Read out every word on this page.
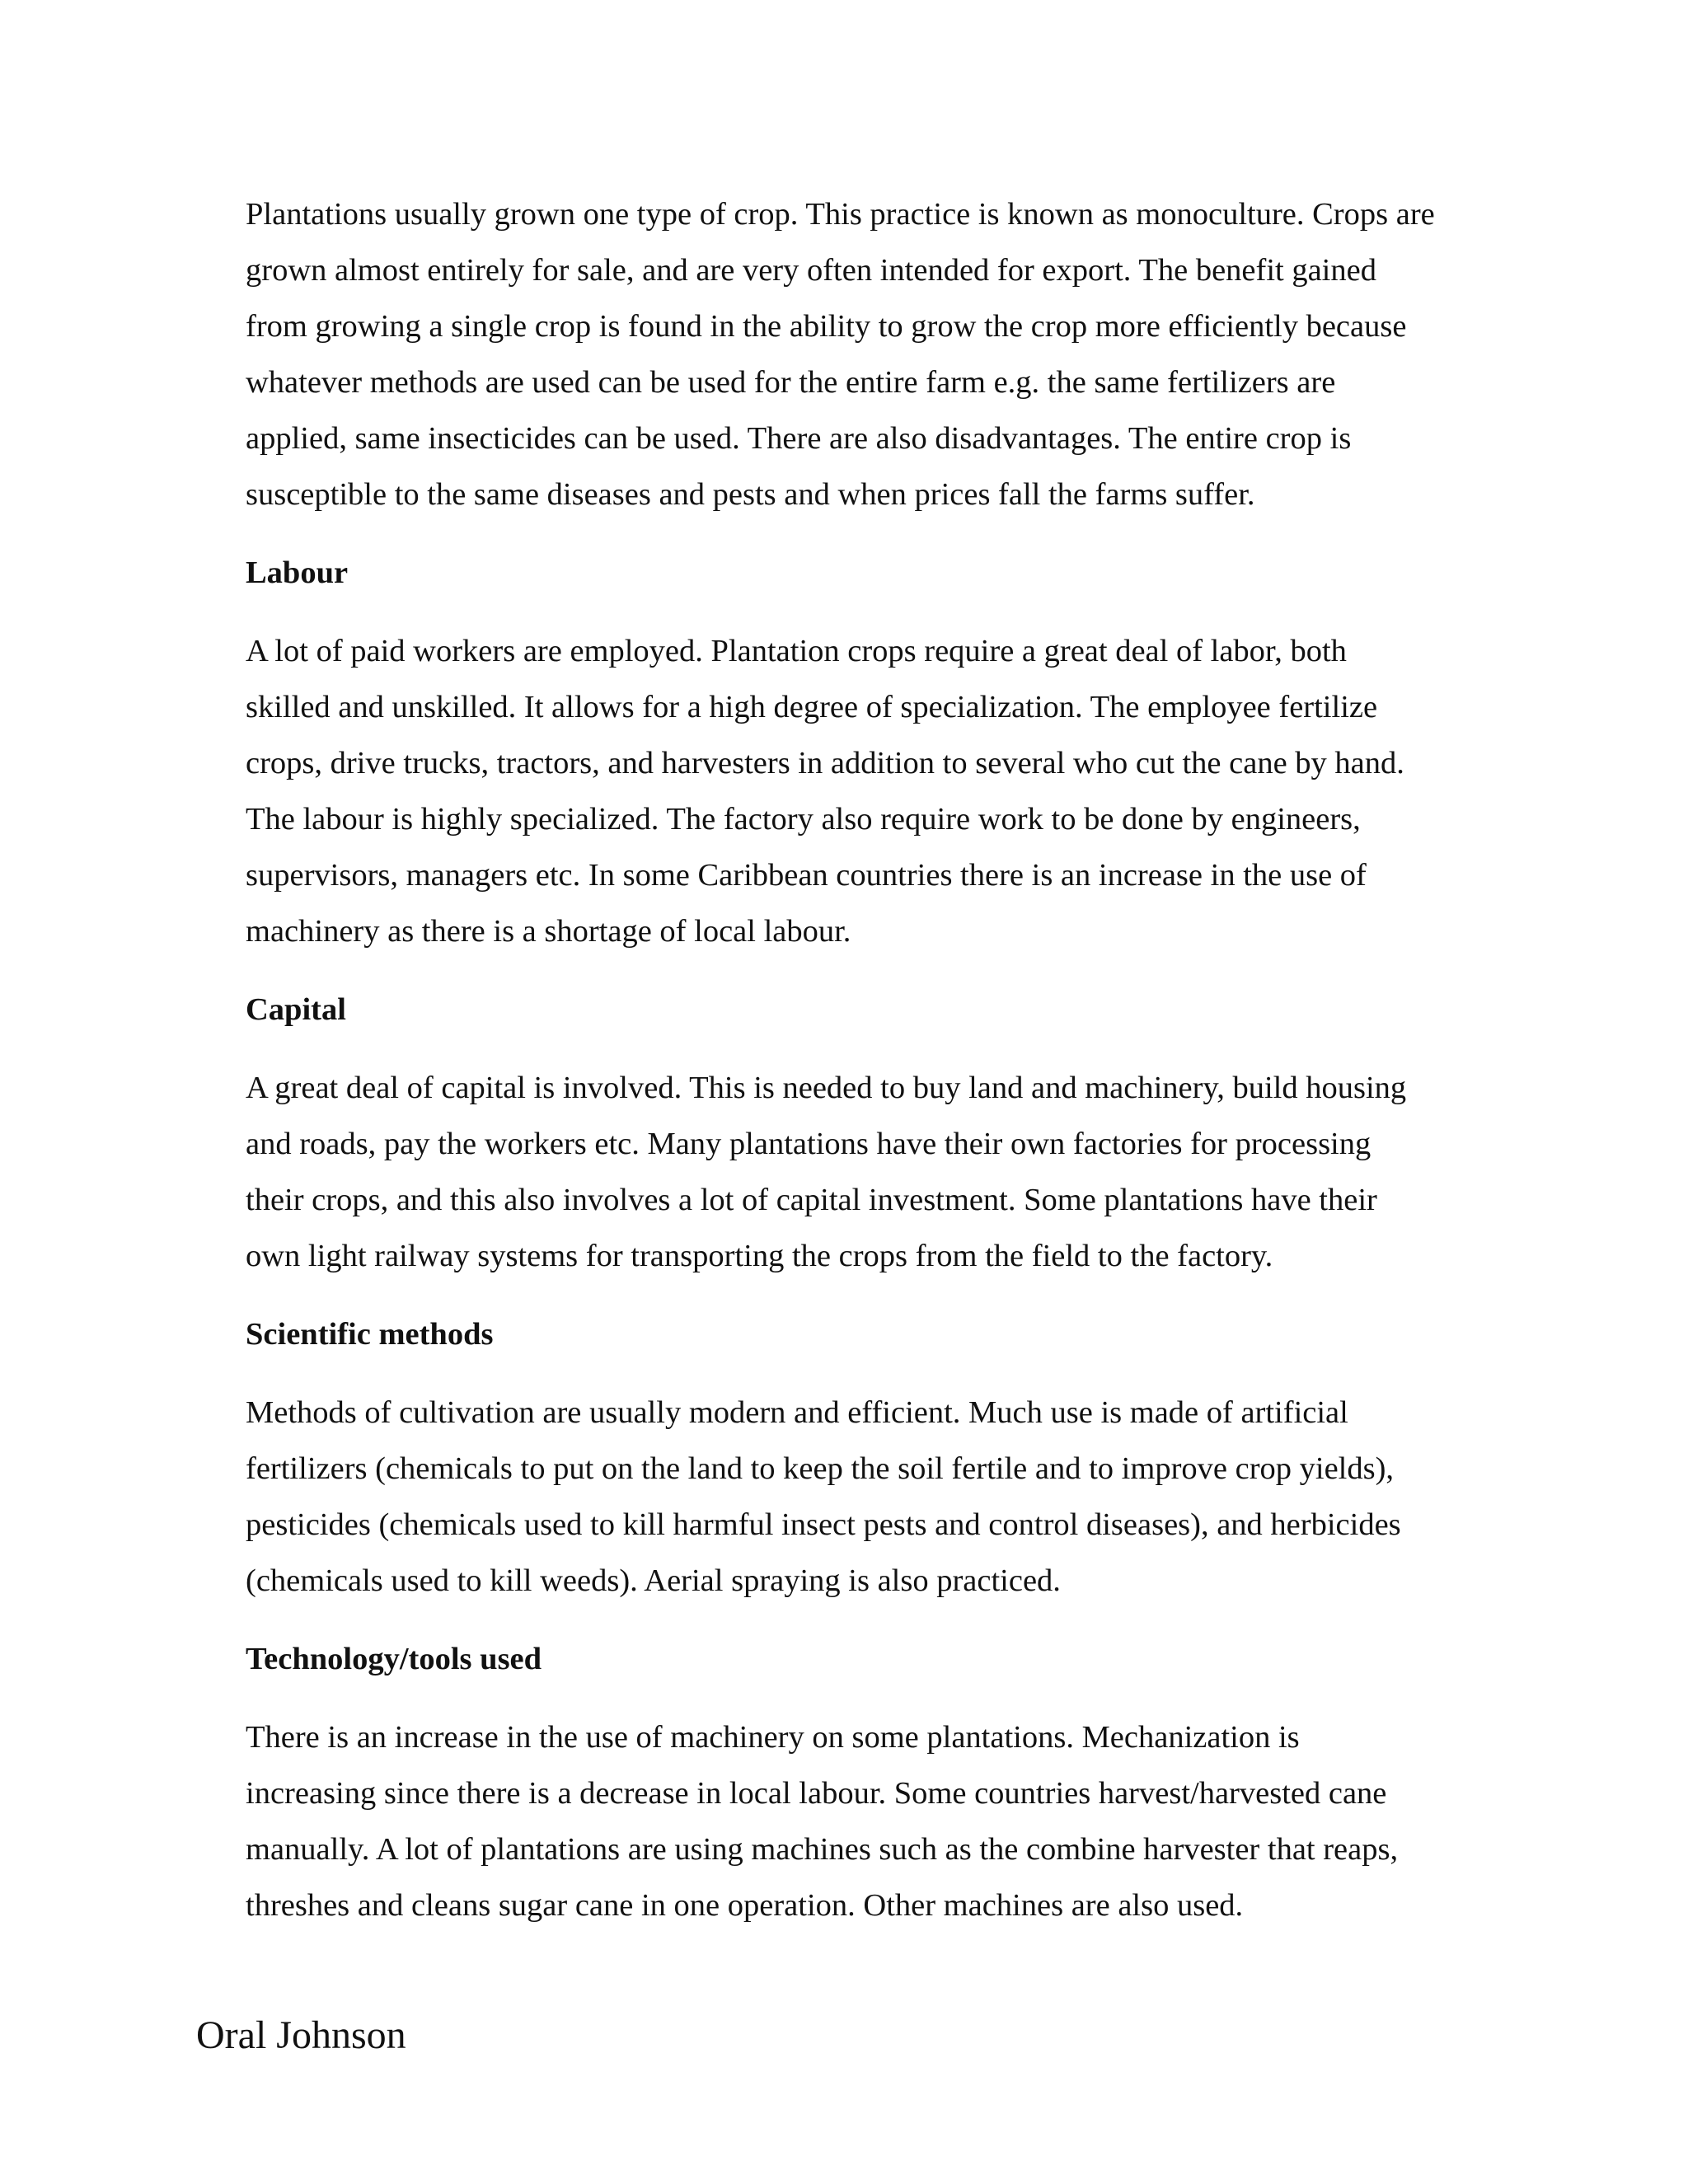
Plantations usually grown one type of crop. This practice is known as monoculture. Crops are
grown almost entirely for sale, and are very often intended for export. The benefit gained
from growing a single crop is found in the ability to grow the crop more efficiently because
whatever methods are used can be used for the entire farm e.g. the same fertilizers are
applied, same insecticides can be used. There are also disadvantages. The entire crop is
susceptible to the same diseases and pests and when prices fall the farms suffer.

Labour

A lot of paid workers are employed. Plantation crops require a great deal of labor, both
skilled and unskilled. It allows for a high degree of specialization. The employee fertilize
crops, drive trucks, tractors, and harvesters in addition to several who cut the cane by hand.
The labour is highly specialized. The factory also require work to be done by engineers,
supervisors, managers etc. In some Caribbean countries there is an increase in the use of
machinery as there is a shortage of local labour.

Capital

A great deal of capital is involved. This is needed to buy land and machinery, build housing
and roads, pay the workers etc. Many plantations have their own factories for processing
their crops, and this also involves a lot of capital investment. Some plantations have their
own light railway systems for transporting the crops from the field to the factory.

Scientific methods

Methods of cultivation are usually modern and efficient. Much use is made of artificial
fertilizers (chemicals to put on the land to keep the soil fertile and to improve crop yields),
pesticides (chemicals used to kill harmful insect pests and control diseases), and herbicides
(chemicals used to kill weeds). Aerial spraying is also practiced.

Technology/tools used

There is an increase in the use of machinery on some plantations. Mechanization is
increasing since there is a decrease in local labour. Some countries harvest/harvested cane
manually. A lot of plantations are using machines such as the combine harvester that reaps,
threshes and cleans sugar cane in one operation. Other machines are also used.

Oral Johnson
